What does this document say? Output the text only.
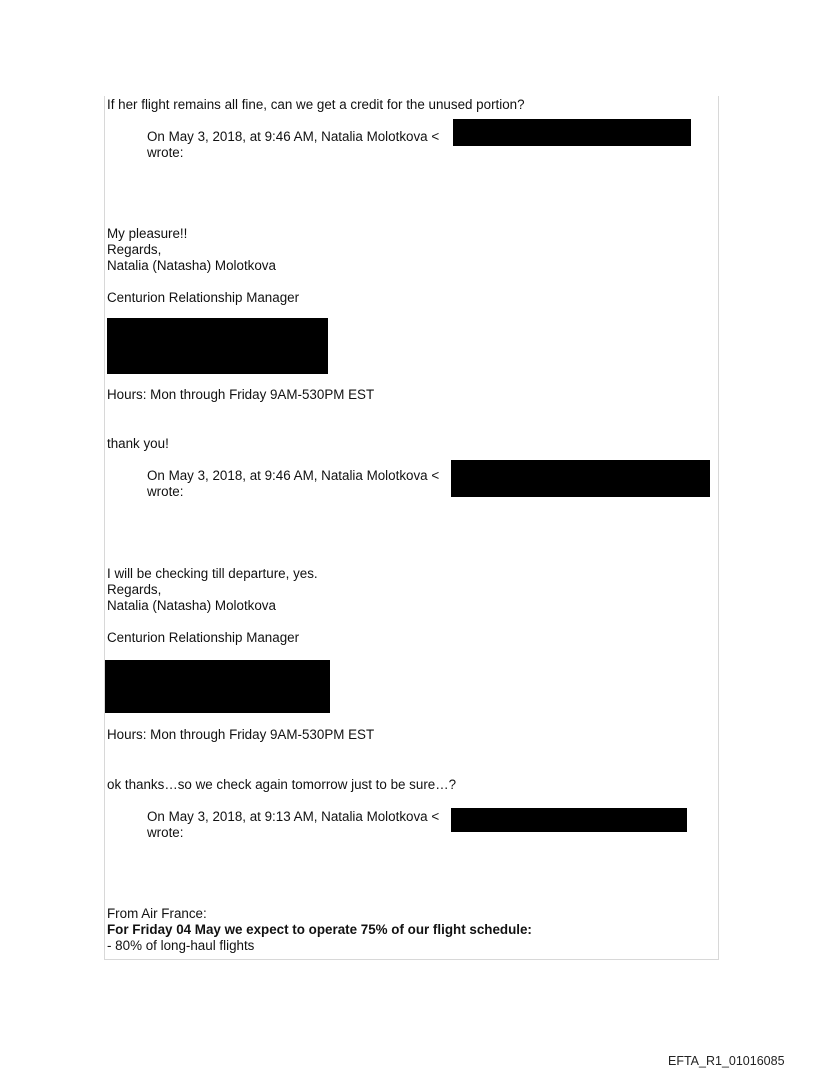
If her flight remains all fine, can we get a credit for the unused portion?
On May 3, 2018, at 9:46 AM, Natalia Molotkova <
wrote:
My pleasure!!
Regards,
Natalia (Natasha) Molotkova
Centurion Relationship Manager
Hours: Mon through Friday 9AM-530PM EST
thank you!
On May 3, 2018, at 9:46 AM, Natalia Molotkova <
wrote:
I will be checking till departure, yes.
Regards,
Natalia (Natasha) Molotkova
Centurion Relationship Manager
Hours: Mon through Friday 9AM-530PM EST
ok thanks…so we check again tomorrow just to be sure…?
On May 3, 2018, at 9:13 AM, Natalia Molotkova <
wrote:
From Air France:
For Friday 04 May we expect to operate 75% of our flight schedule:
- 80% of long-haul flights
EFTA_R1_01016085
